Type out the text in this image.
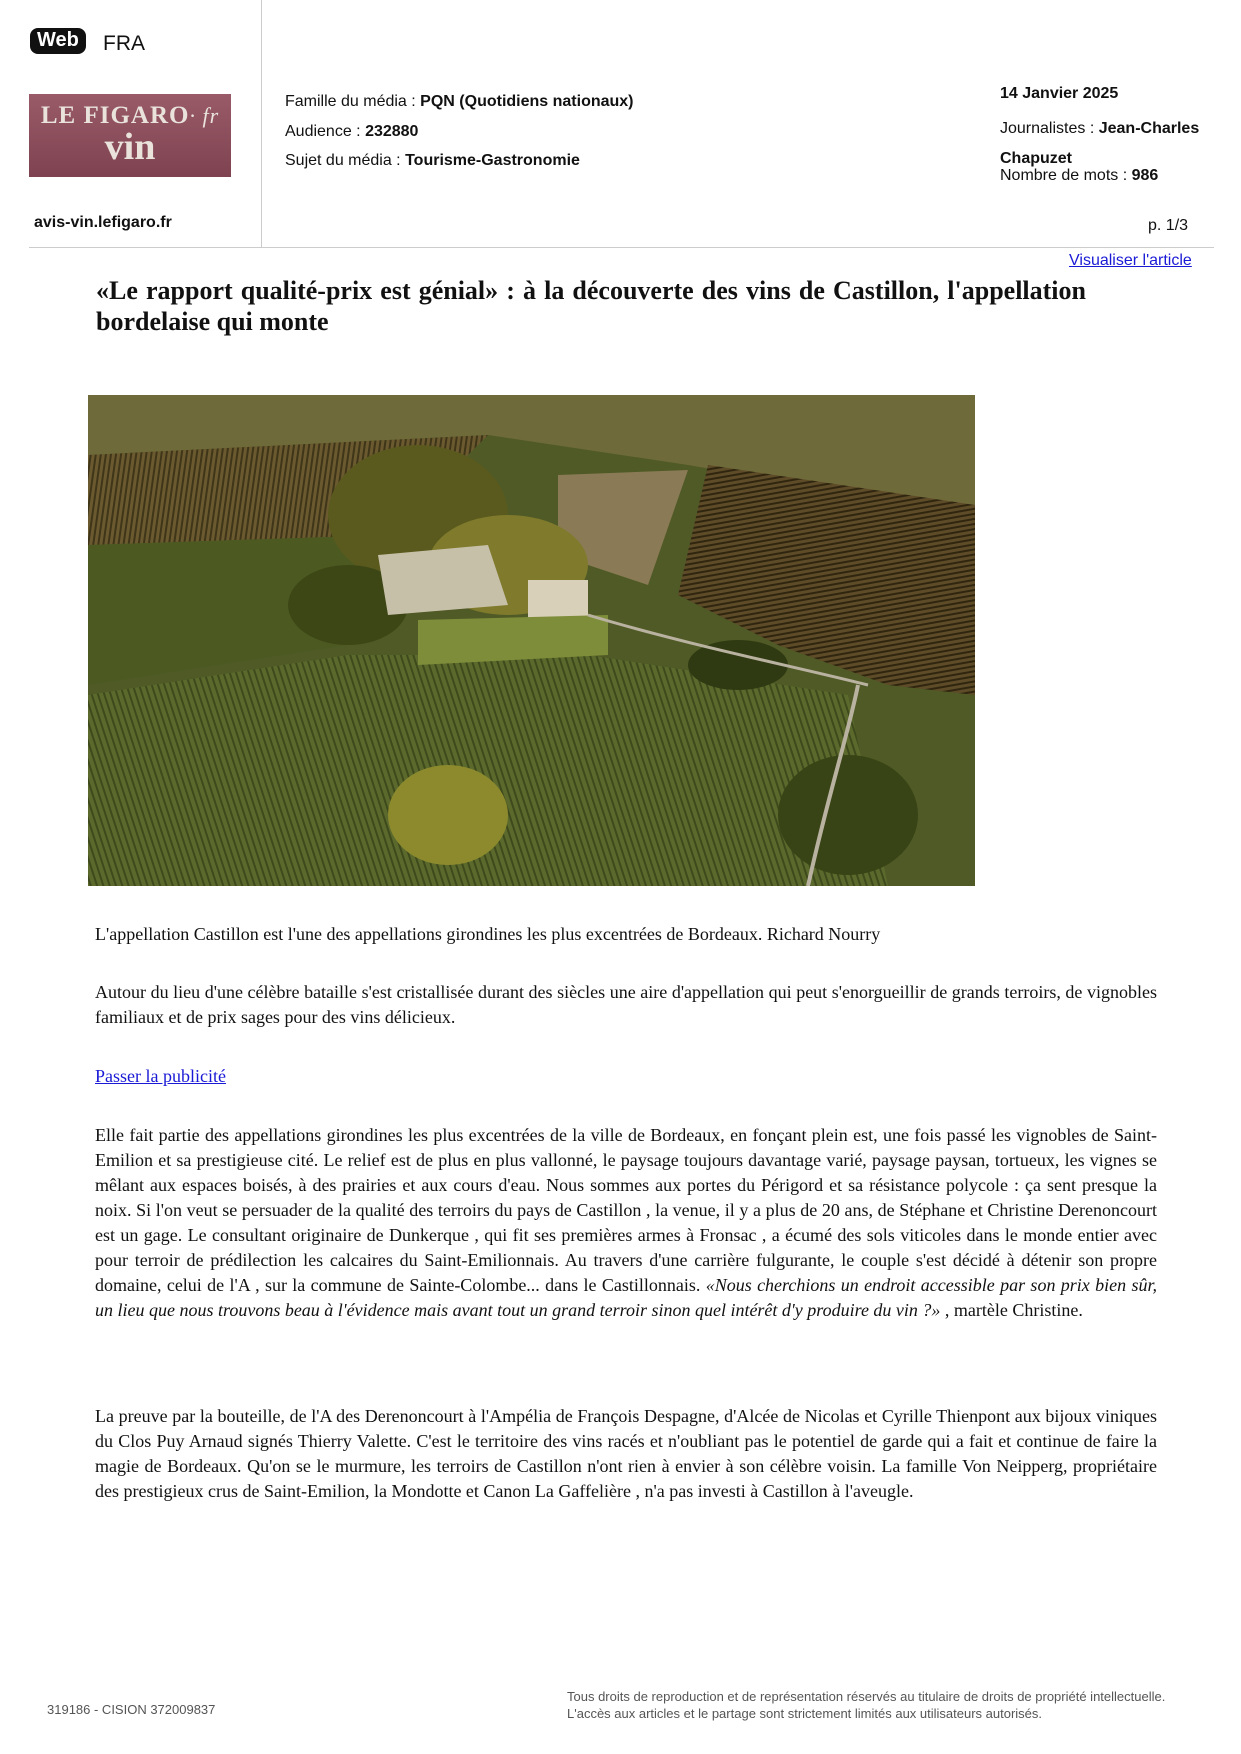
Web	FRA
LE FIGARO· fr
vin
avis-vin.lefigaro.fr
Famille du média : PQN (Quotidiens nationaux)
Audience : 232880
Sujet du média : Tourisme-Gastronomie
14 Janvier 2025
Journalistes : Jean-Charles Chapuzet
Nombre de mots : 986
p. 1/3
Visualiser l'article
«Le rapport qualité-prix est génial» : à la découverte des vins de Castillon, l'appellation bordelaise qui monte
L'appellation Castillon est l'une des appellations girondines les plus excentrées de Bordeaux. Richard Nourry
Autour du lieu d'une célèbre bataille s'est cristallisée durant des siècles une aire d'appellation qui peut s'enorgueillir de grands terroirs, de vignobles familiaux et de prix sages pour des vins délicieux.
Passer la publicité
Elle fait partie des appellations girondines les plus excentrées de la ville de Bordeaux, en fonçant plein est, une fois passé les vignobles de Saint-Emilion et sa prestigieuse cité. Le relief est de plus en plus vallonné, le paysage toujours davantage varié, paysage paysan, tortueux, les vignes se mêlant aux espaces boisés, à des prairies et aux cours d'eau. Nous sommes aux portes du Périgord et sa résistance polycole : ça sent presque la noix. Si l'on veut se persuader de la qualité des terroirs du pays de Castillon , la venue, il y a plus de 20 ans, de Stéphane et Christine Derenoncourt est un gage. Le consultant originaire de Dunkerque , qui fit ses premières armes à Fronsac , a écumé des sols viticoles dans le monde entier avec pour terroir de prédilection les calcaires du Saint-Emilionnais. Au travers d'une carrière fulgurante, le couple s'est décidé à détenir son propre domaine, celui de l'A , sur la commune de Sainte-Colombe... dans le Castillonnais. «Nous cherchions un endroit accessible par son prix bien sûr, un lieu que nous trouvons beau à l'évidence mais avant tout un grand terroir sinon quel intérêt d'y produire du vin ?» , martèle Christine.
La preuve par la bouteille, de l'A des Derenoncourt à l'Ampélia de François Despagne, d'Alcée de Nicolas et Cyrille Thienpont aux bijoux viniques du Clos Puy Arnaud signés Thierry Valette. C'est le territoire des vins racés et n'oubliant pas le potentiel de garde qui a fait et continue de faire la magie de Bordeaux. Qu'on se le murmure, les terroirs de Castillon n'ont rien à envier à son célèbre voisin. La famille Von Neipperg, propriétaire des prestigieux crus de Saint-Emilion, la Mondotte et Canon La Gaffelière , n'a pas investi à Castillon à l'aveugle.
319186 - CISION 372009837
Tous droits de reproduction et de représentation réservés au titulaire de droits de propriété intellectuelle.
L'accès aux articles et le partage sont strictement limités aux utilisateurs autorisés.
